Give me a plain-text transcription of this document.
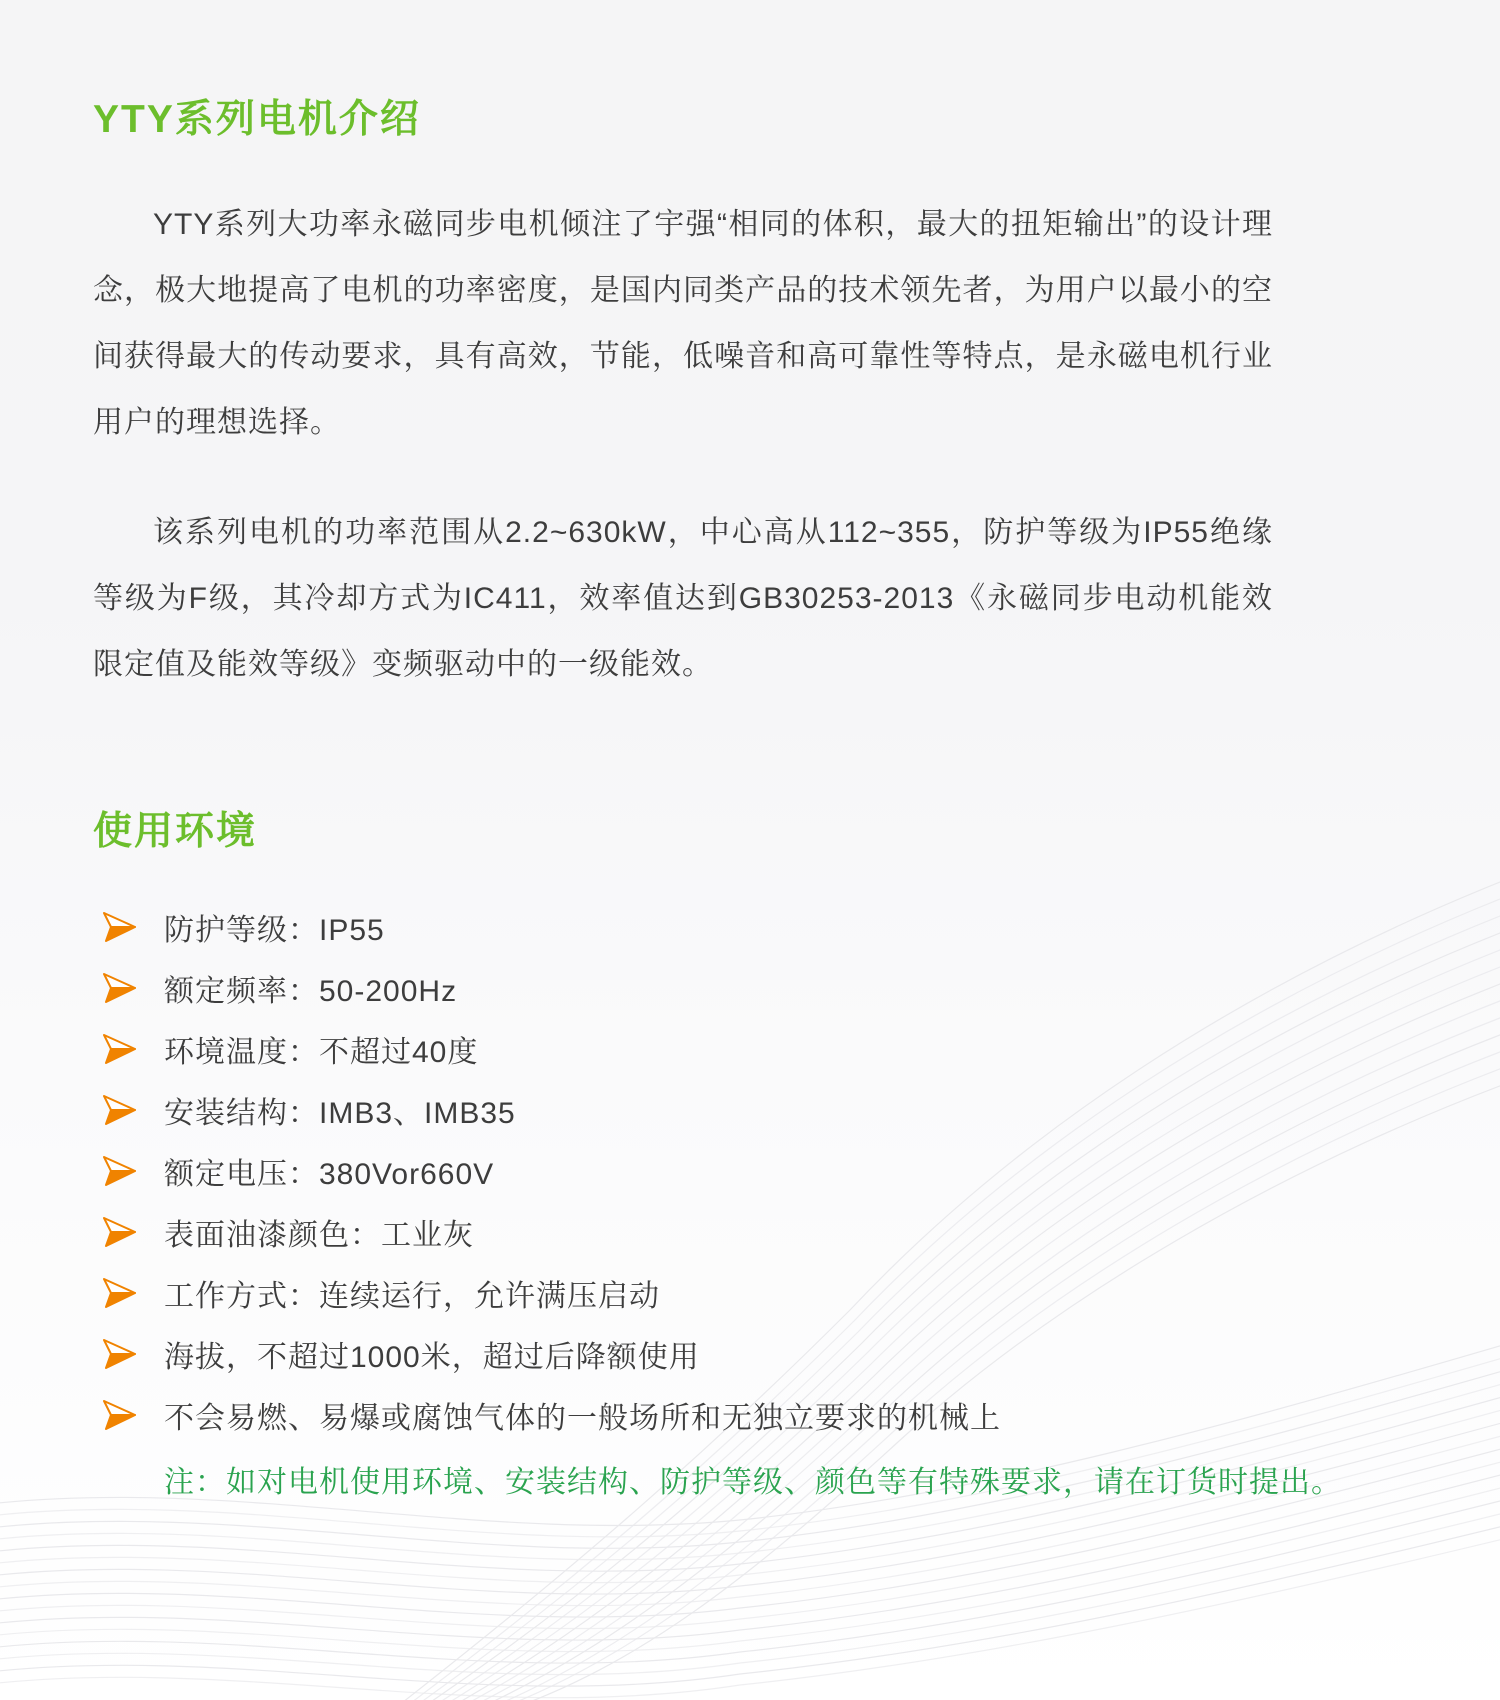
YTY系列电机介绍

YTY系列大功率永磁同步电机倾注了宇强“相同的体积，最大的扭矩输出”的设计理念，极大地提高了电机的功率密度，是国内同类产品的技术领先者，为用户以最小的空间获得最大的传动要求，具有高效，节能，低噪音和高可靠性等特点，是永磁电机行业用户的理想选择。

该系列电机的功率范围从2.2~630kW，中心高从112~355，防护等级为IP55绝缘等级为F级，其冷却方式为IC411，效率值达到GB30253-2013《永磁同步电动机能效限定值及能效等级》变频驱动中的一级能效。

使用环境
防护等级：IP55
额定频率：50-200Hz
环境温度：不超过40度
安装结构：IMB3、IMB35
额定电压：380Vor660V
表面油漆颜色：工业灰
工作方式：连续运行，允许满压启动
海拔，不超过1000米，超过后降额使用
不会易燃、易爆或腐蚀气体的一般场所和无独立要求的机械上
注：如对电机使用环境、安装结构、防护等级、颜色等有特殊要求，请在订货时提出。
